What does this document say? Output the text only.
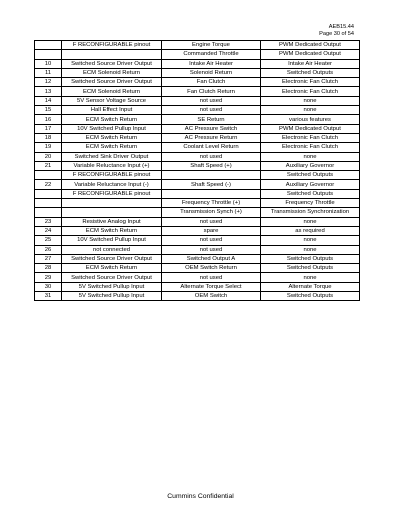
AEB15.44
Page 30 of 54
	F RECONFIGURABLE pinout	Engine Torque	PWM Dedicated Output
		Commanded Throttle	PWM Dedicated Output
10	Switched Source Driver Output	Intake Air Heater	Intake Air Heater
11	ECM Solenoid Return	Solenoid Return	Switched Outputs
12	Switched Source Driver Output	Fan Clutch	Electronic Fan Clutch
13	ECM Solenoid Return	Fan Clutch Return	Electronic Fan Clutch
14	5V Sensor Voltage Source	not used	none
15	Hall Effect Input	not used	none
16	ECM Switch Return	SE Return	various features
17	10V Switched Pullup Input	AC Pressure Switch	PWM Dedicated Output
18	ECM Switch Return	AC Pressure Return	Electronic Fan Clutch
19	ECM Switch Return	Coolant Level Return	Electronic Fan Clutch
20	Switched Sink Driver Output	not used	none
21	Variable Reluctance Input (+)	Shaft Speed (+)	Auxiliary Governor
	F RECONFIGURABLE pinout		Switched Outputs
22	Variable Reluctance Input (-)	Shaft Speed (-)	Auxiliary Governor
	F RECONFIGURABLE pinout		Switched Outputs
		Frequency Throttle (+)	Frequency Throttle
		Transmission Synch (+)	Transmission Synchronization
23	Resistive Analog Input	not used	none
24	ECM Switch Return	spare	as required
25	10V Switched Pullup Input	not used	none
26	not connected	not used	none
27	Switched Source Driver Output	Switched Output A	Switched Outputs
28	ECM Switch Return	OEM Switch Return	Switched Outputs
29	Switched Source Driver Output	not used	none
30	5V Switched Pullup Input	Alternate Torque Select	Alternate Torque
31	5V Switched Pullup Input	OEM Switch	Switched Outputs
Cummins Confidential
